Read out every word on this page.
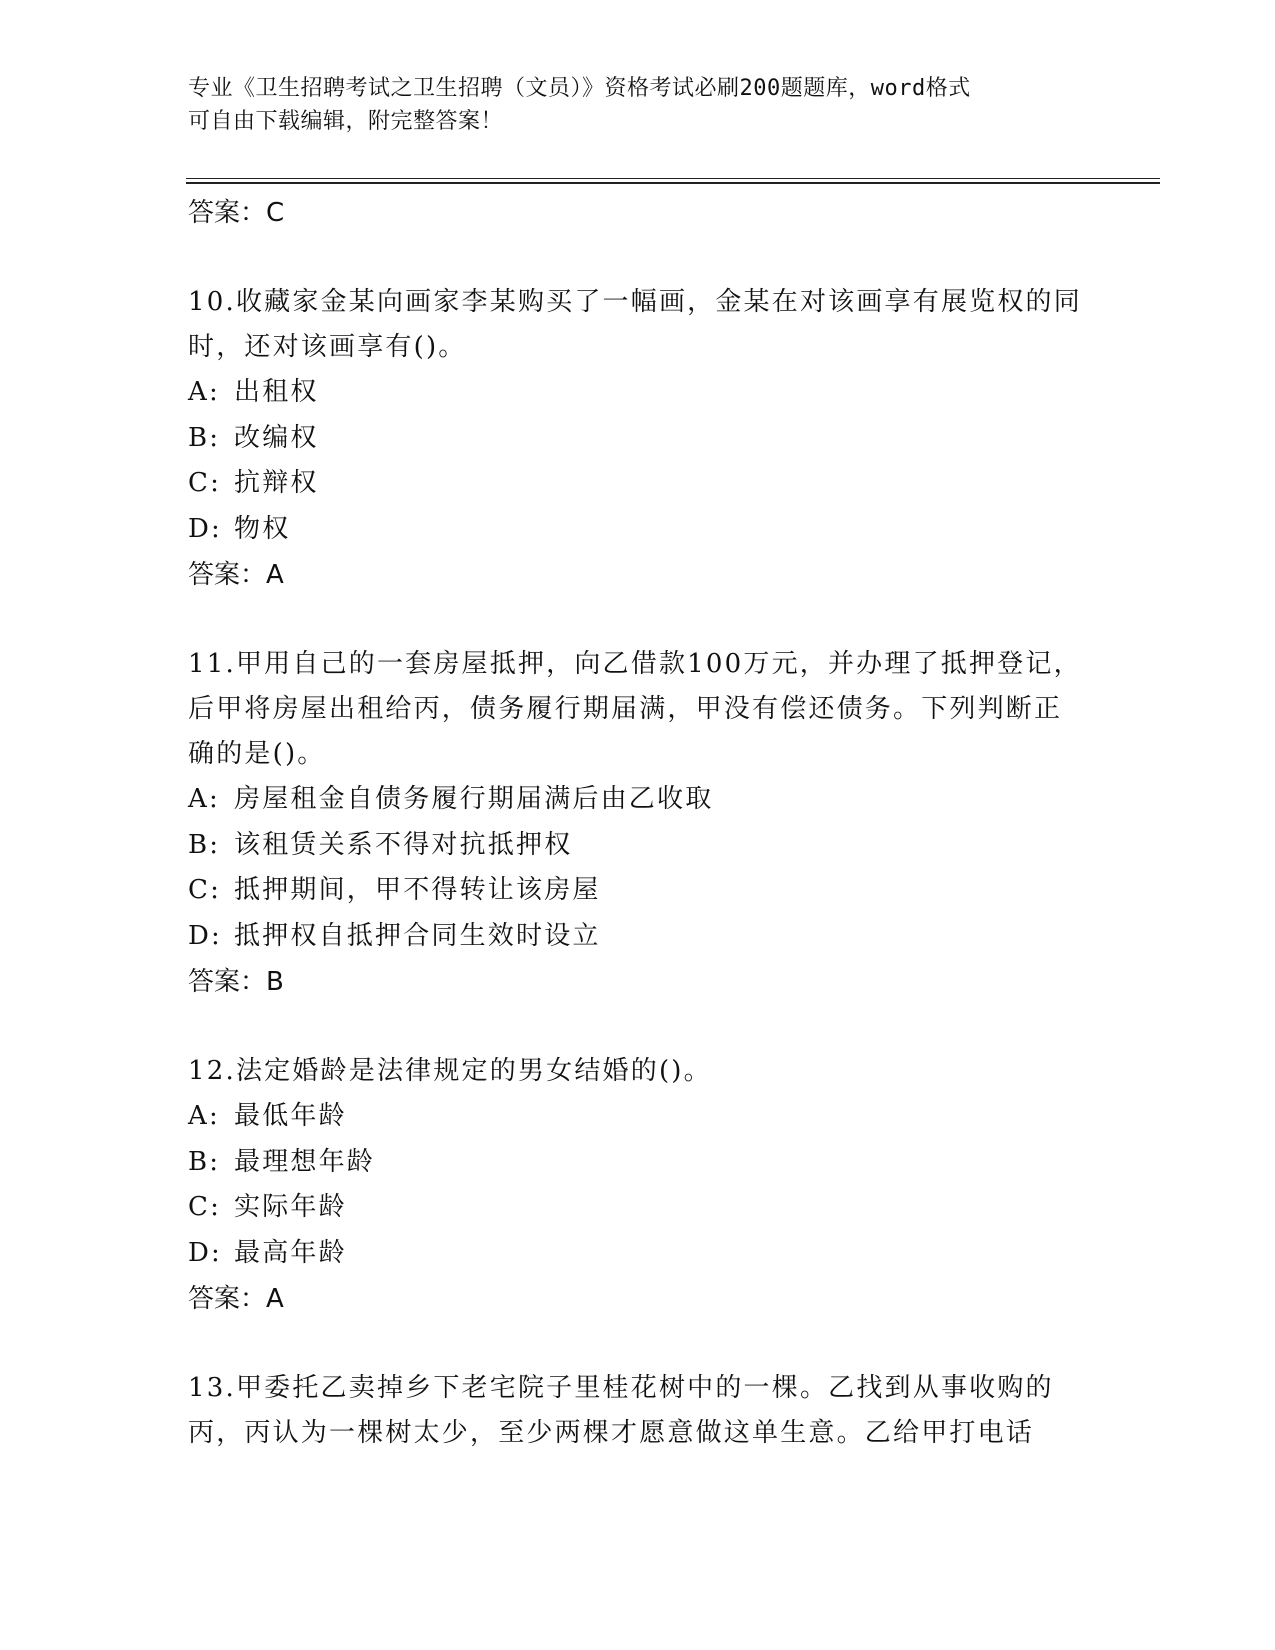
专业《卫生招聘考试之卫生招聘（文员）》资格考试必刷200题题库，word格式
可自由下载编辑，附完整答案！
答案：C
10.收藏家金某向画家李某购买了一幅画，金某在对该画享有展览权的同时，还对该画享有()。
A: 出租权
B: 改编权
C: 抗辩权
D: 物权
答案：A
11.甲用自己的一套房屋抵押，向乙借款100万元，并办理了抵押登记，后甲将房屋出租给丙，债务履行期届满，甲没有偿还债务。下列判断正确的是()。
A: 房屋租金自债务履行期届满后由乙收取
B: 该租赁关系不得对抗抵押权
C: 抵押期间，甲不得转让该房屋
D: 抵押权自抵押合同生效时设立
答案：B
12.法定婚龄是法律规定的男女结婚的()。
A: 最低年龄
B: 最理想年龄
C: 实际年龄
D: 最高年龄
答案：A
13.甲委托乙卖掉乡下老宅院子里桂花树中的一棵。乙找到从事收购的丙，丙认为一棵树太少，至少两棵才愿意做这单生意。乙给甲打电话
